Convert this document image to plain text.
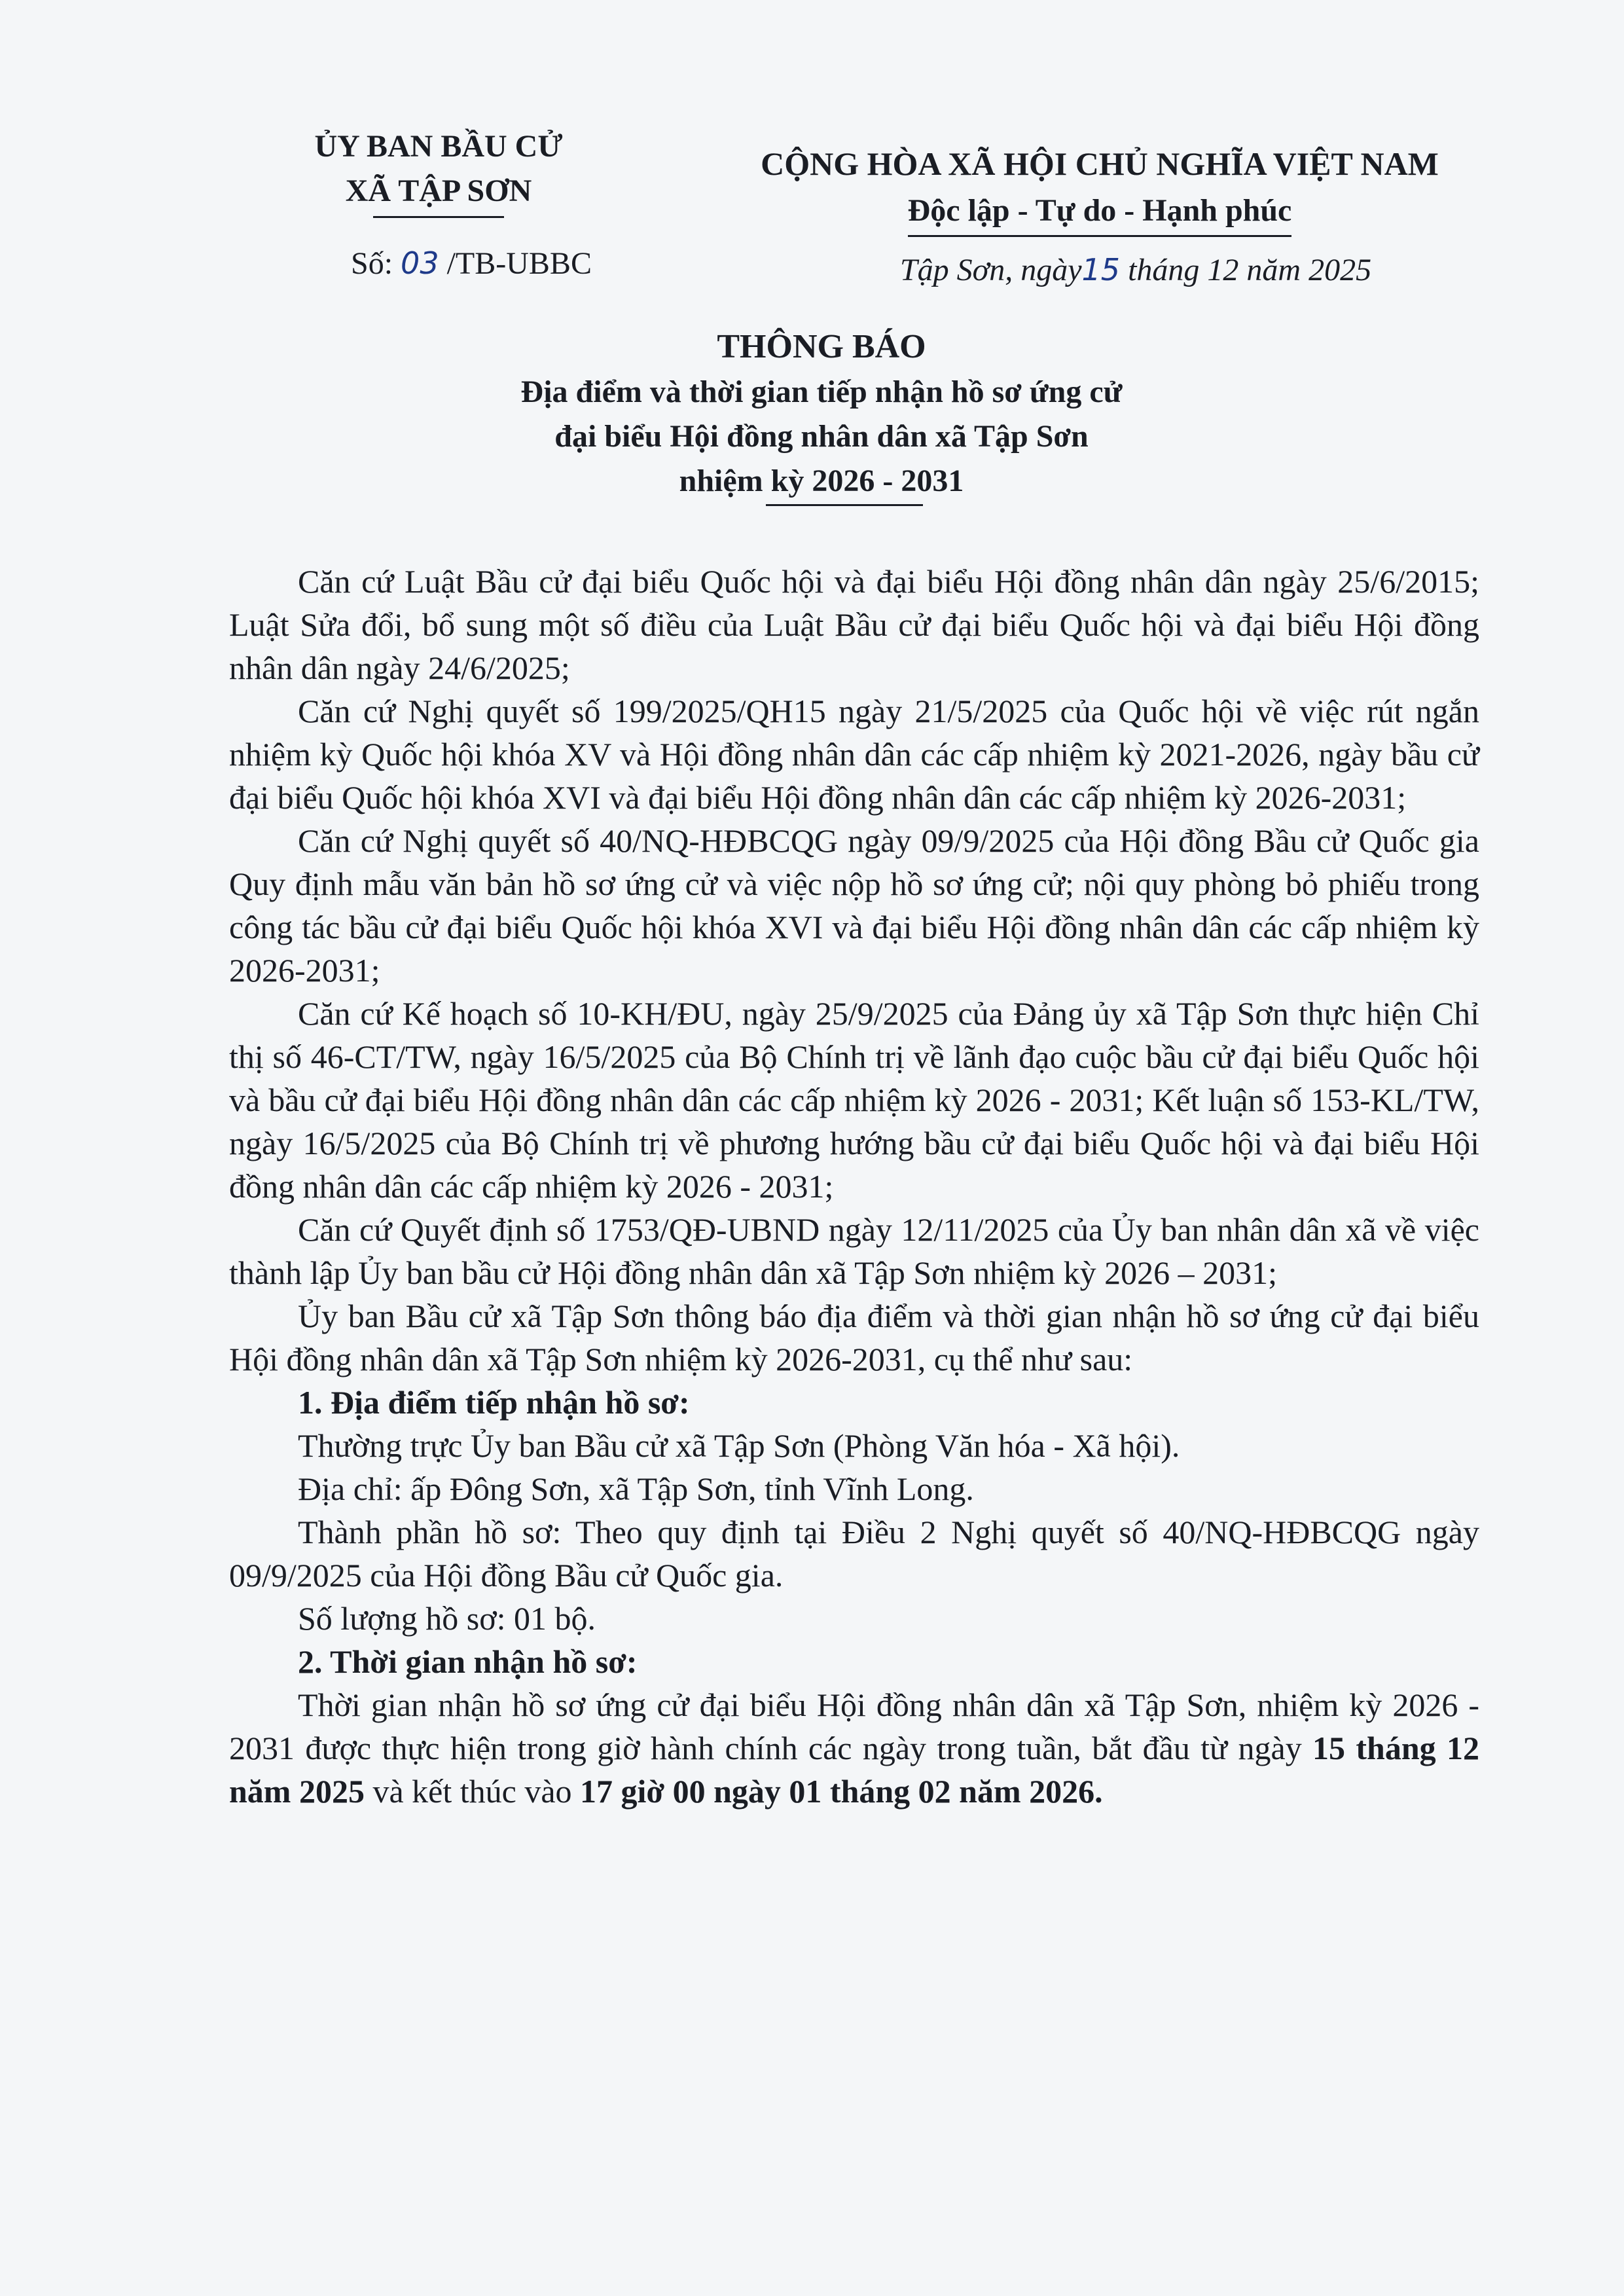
ỦY BAN BẦU CỬ
XÃ TẬP SƠN
CỘNG HÒA XÃ HỘI CHỦ NGHĨA VIỆT NAM
Độc lập - Tự do - Hạnh phúc
Số: 03 /TB-UBBC	Tập Sơn, ngày15 tháng 12 năm 2025
THÔNG BÁO
Địa điểm và thời gian tiếp nhận hồ sơ ứng cử
đại biểu Hội đồng nhân dân xã Tập Sơn
nhiệm kỳ 2026 - 2031

Căn cứ Luật Bầu cử đại biểu Quốc hội và đại biểu Hội đồng nhân dân ngày 25/6/2015; Luật Sửa đổi, bổ sung một số điều của Luật Bầu cử đại biểu Quốc hội và đại biểu Hội đồng nhân dân ngày 24/6/2025;

Căn cứ Nghị quyết số 199/2025/QH15 ngày 21/5/2025 của Quốc hội về việc rút ngắn nhiệm kỳ Quốc hội khóa XV và Hội đồng nhân dân các cấp nhiệm kỳ 2021-2026, ngày bầu cử đại biểu Quốc hội khóa XVI và đại biểu Hội đồng nhân dân các cấp nhiệm kỳ 2026-2031;

Căn cứ Nghị quyết số 40/NQ-HĐBCQG ngày 09/9/2025 của Hội đồng Bầu cử Quốc gia Quy định mẫu văn bản hồ sơ ứng cử và việc nộp hồ sơ ứng cử; nội quy phòng bỏ phiếu trong công tác bầu cử đại biểu Quốc hội khóa XVI và đại biểu Hội đồng nhân dân các cấp nhiệm kỳ 2026-2031;

Căn cứ Kế hoạch số 10-KH/ĐU, ngày 25/9/2025 của Đảng ủy xã Tập Sơn thực hiện Chỉ thị số 46-CT/TW, ngày 16/5/2025 của Bộ Chính trị về lãnh đạo cuộc bầu cử đại biểu Quốc hội và bầu cử đại biểu Hội đồng nhân dân các cấp nhiệm kỳ 2026 - 2031; Kết luận số 153-KL/TW, ngày 16/5/2025 của Bộ Chính trị về phương hướng bầu cử đại biểu Quốc hội và đại biểu Hội đồng nhân dân các cấp nhiệm kỳ 2026 - 2031;

Căn cứ Quyết định số 1753/QĐ-UBND ngày 12/11/2025 của Ủy ban nhân dân xã về việc thành lập Ủy ban bầu cử Hội đồng nhân dân xã Tập Sơn nhiệm kỳ 2026 – 2031;

Ủy ban Bầu cử xã Tập Sơn thông báo địa điểm và thời gian nhận hồ sơ ứng cử đại biểu Hội đồng nhân dân xã Tập Sơn nhiệm kỳ 2026-2031, cụ thể như sau:

1. Địa điểm tiếp nhận hồ sơ:

Thường trực Ủy ban Bầu cử xã Tập Sơn (Phòng Văn hóa - Xã hội).

Địa chỉ: ấp Đông Sơn, xã Tập Sơn, tỉnh Vĩnh Long.

Thành phần hồ sơ: Theo quy định tại Điều 2 Nghị quyết số 40/NQ-HĐBCQG ngày 09/9/2025 của Hội đồng Bầu cử Quốc gia.

Số lượng hồ sơ: 01 bộ.

2. Thời gian nhận hồ sơ:

Thời gian nhận hồ sơ ứng cử đại biểu Hội đồng nhân dân xã Tập Sơn, nhiệm kỳ 2026 - 2031 được thực hiện trong giờ hành chính các ngày trong tuần, bắt đầu từ ngày 15 tháng 12 năm 2025 và kết thúc vào 17 giờ 00 ngày 01 tháng 02 năm 2026.
